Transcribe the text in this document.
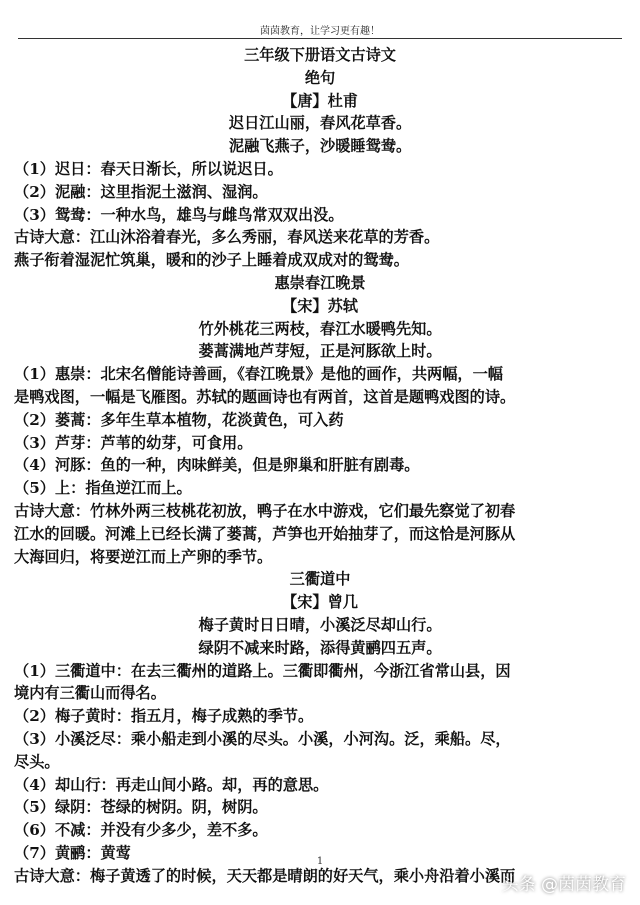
茵茵教育，让学习更有趣！
三年级下册语文古诗文
绝句
【唐】杜甫
迟日江山丽，春风花草香。
泥融飞燕子，沙暖睡鸳鸯。
（1）迟日：春天日渐长，所以说迟日。
（2）泥融：这里指泥土滋润、湿润。
（3）鸳鸯：一种水鸟，雄鸟与雌鸟常双双出没。
古诗大意：江山沐浴着春光，多么秀丽，春风送来花草的芳香。
燕子衔着湿泥忙筑巢，暖和的沙子上睡着成双成对的鸳鸯。
惠崇春江晚景
【宋】苏轼
竹外桃花三两枝，春江水暖鸭先知。
蒌蒿满地芦芽短，正是河豚欲上时。
（1）惠崇：北宋名僧能诗善画，《春江晚景》是他的画作，共两幅，一幅
是鸭戏图，一幅是飞雁图。苏轼的题画诗也有两首，这首是题鸭戏图的诗。
（2）蒌蒿：多年生草本植物，花淡黄色，可入药
（3）芦芽：芦苇的幼芽，可食用。
（4）河豚：鱼的一种，肉味鲜美，但是卵巢和肝脏有剧毒。
（5）上：指鱼逆江而上。
古诗大意：竹林外两三枝桃花初放，鸭子在水中游戏，它们最先察觉了初春
江水的回暖。河滩上已经长满了蒌蒿，芦笋也开始抽芽了，而这恰是河豚从
大海回归，将要逆江而上产卵的季节。
三衢道中
【宋】曾几
梅子黄时日日晴，小溪泛尽却山行。
绿阴不减来时路，添得黄鹂四五声。
（1）三衢道中：在去三衢州的道路上。三衢即衢州，今浙江省常山县，因
境内有三衢山而得名。
（2）梅子黄时：指五月，梅子成熟的季节。
（3）小溪泛尽：乘小船走到小溪的尽头。小溪，小河沟。泛，乘船。尽，
尽头。
（4）却山行：再走山间小路。却，再的意思。
（5）绿阴：苍绿的树阴。阴，树阴。
（6）不减：并没有少多少，差不多。
（7）黄鹂：黄莺
古诗大意：梅子黄透了的时候，天天都是晴朗的好天气，乘小舟沿着小溪而
1
头条 @茵茵教育
